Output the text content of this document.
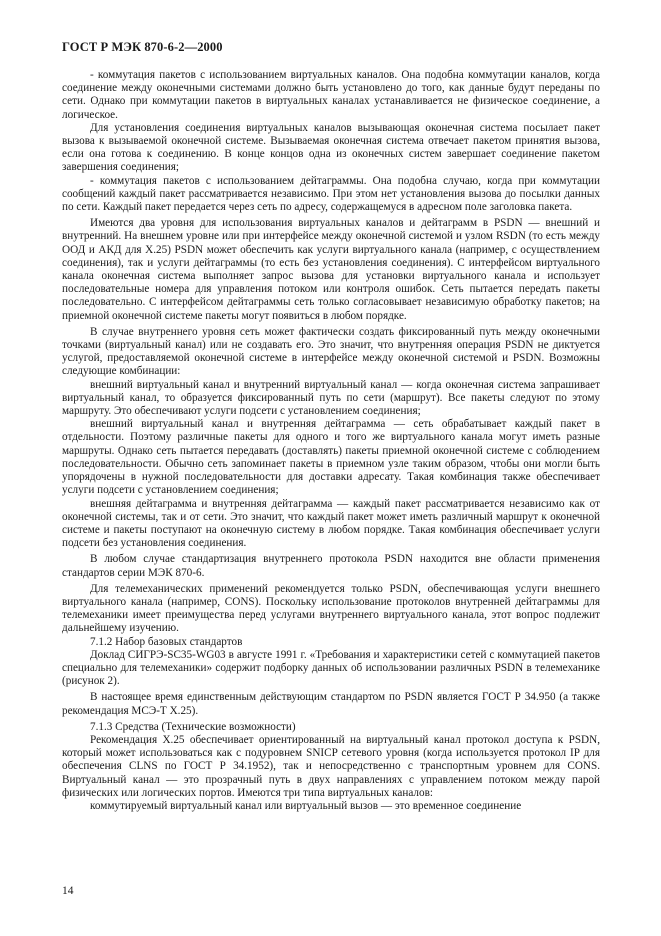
ГОСТ Р МЭК 870-6-2—2000

- коммутация пакетов с использованием виртуальных каналов. Она подобна коммутации каналов, когда соединение между оконечными системами должно быть установлено до того, как данные будут переданы по сети. Однако при коммутации пакетов в виртуальных каналах устанавливается не физическое соединение, а логическое.

Для установления соединения виртуальных каналов вызывающая оконечная система посылает пакет вызова к вызываемой оконечной системе. Вызываемая оконечная система отвечает пакетом принятия вызова, если она готова к соединению. В конце концов одна из оконечных систем завершает соединение пакетом завершения соединения;

- коммутация пакетов с использованием дейтаграммы. Она подобна случаю, когда при коммутации сообщений каждый пакет рассматривается независимо. При этом нет установления вызова до посылки данных по сети. Каждый пакет передается через сеть по адресу, содержащемуся в адресном поле заголовка пакета.

Имеются два уровня для использования виртуальных каналов и дейтаграмм в PSDN — внешний и внутренний. На внешнем уровне или при интерфейсе между оконечной системой и узлом RSDN (то есть между ООД и АКД для X.25) PSDN может обеспечить как услуги виртуального канала (например, с осуществлением соединения), так и услуги дейтаграммы (то есть без установления соединения). С интерфейсом виртуального канала оконечная система выполняет запрос вызова для установки виртуального канала и использует последовательные номера для управления потоком или контроля ошибок. Сеть пытается передать пакеты последовательно. С интерфейсом дейтаграммы сеть только согласовывает независимую обработку пакетов; на приемной оконечной системе пакеты могут появиться в любом порядке.

В случае внутреннего уровня сеть может фактически создать фиксированный путь между оконечными точками (виртуальный канал) или не создавать его. Это значит, что внутренняя операция PSDN не диктуется услугой, предоставляемой оконечной системе в интерфейсе между оконечной системой и PSDN. Возможны следующие комбинации:

внешний виртуальный канал и внутренний виртуальный канал — когда оконечная система запрашивает виртуальный канал, то образуется фиксированный путь по сети (маршрут). Все пакеты следуют по этому маршруту. Это обеспечивают услуги подсети с установлением соединения;

внешний виртуальный канал и внутренняя дейтаграмма — сеть обрабатывает каждый пакет в отдельности. Поэтому различные пакеты для одного и того же виртуального канала могут иметь разные маршруты. Однако сеть пытается передавать (доставлять) пакеты приемной оконечной системе с соблюдением последовательности. Обычно сеть запоминает пакеты в приемном узле таким образом, чтобы они могли быть упорядочены в нужной последовательности для доставки адресату. Такая комбинация также обеспечивает услуги подсети с установлением соединения;

внешняя дейтаграмма и внутренняя дейтаграмма — каждый пакет рассматривается независимо как от оконечной системы, так и от сети. Это значит, что каждый пакет может иметь различный маршрут к оконечной системе и пакеты поступают на оконечную систему в любом порядке. Такая комбинация обеспечивает услуги подсети без установления соединения.

В любом случае стандартизация внутреннего протокола PSDN находится вне области применения стандартов серии МЭК 870-6.

Для телемеханических применений рекомендуется только PSDN, обеспечивающая услуги внешнего виртуального канала (например, CONS). Поскольку использование протоколов внутренней дейтаграммы для телемеханики имеет преимущества перед услугами внутреннего виртуального канала, этот вопрос подлежит дальнейшему изучению.

7.1.2 Набор базовых стандартов

Доклад СИГРЭ-SC35-WG03 в августе 1991 г. «Требования и характеристики сетей с коммутацией пакетов специально для телемеханики» содержит подборку данных об использовании различных PSDN в телемеханике (рисунок 2).

В настоящее время единственным действующим стандартом по PSDN является ГОСТ Р 34.950 (а также рекомендация МСЭ-Т X.25).

7.1.3 Средства (Технические возможности)

Рекомендация X.25 обеспечивает ориентированный на виртуальный канал протокол доступа к PSDN, который может использоваться как с подуровнем SNICP сетевого уровня (когда используется протокол IP для обеспечения CLNS по ГОСТ Р 34.1952), так и непосредственно с транспортным уровнем для CONS. Виртуальный канал — это прозрачный путь в двух направлениях с управлением потоком между парой физических или логических портов. Имеются три типа виртуальных каналов:

коммутируемый виртуальный канал или виртуальный вызов — это временное соединение

14
